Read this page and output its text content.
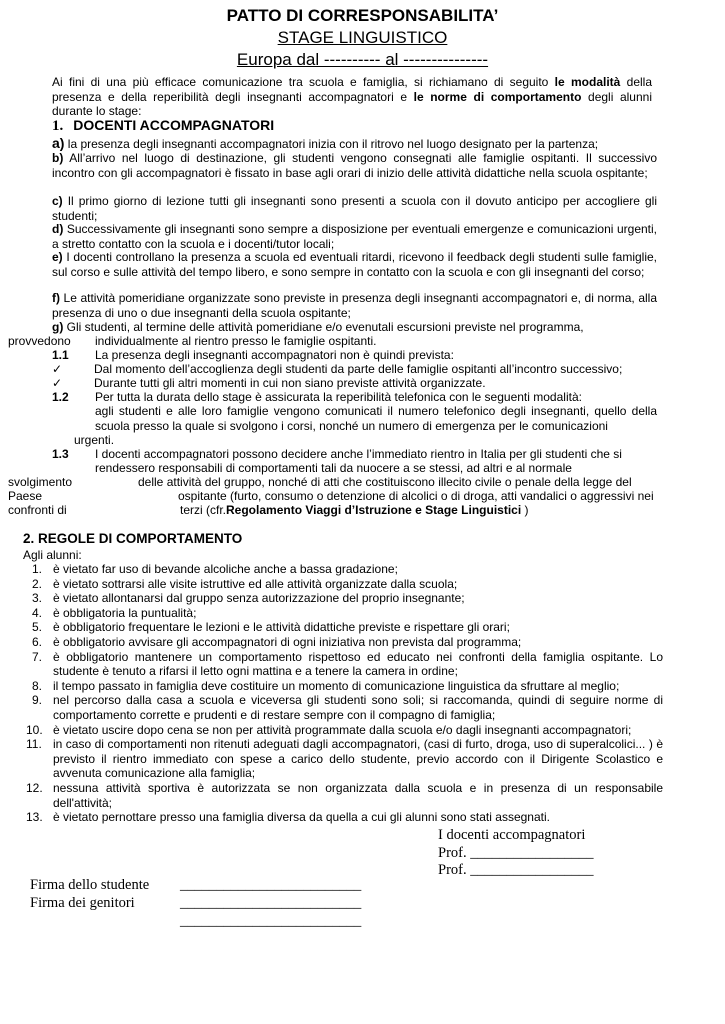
PATTO DI CORRESPONSABILITA’
STAGE LINGUISTICO
Europa dal ---------- al ---------------

Ai fini di una più efficace comunicazione tra scuola e famiglia, si richiamano di seguito le modalità della presenza e della reperibilità degli insegnanti accompagnatori e le norme di comportamento degli alunni durante lo stage:

1. DOCENTI ACCOMPAGNATORI

a) la presenza degli insegnanti accompagnatori inizia con il ritrovo nel luogo designato per la partenza;

b) All’arrivo nel luogo di destinazione, gli studenti vengono consegnati alle famiglie ospitanti. Il successivo incontro con gli accompagnatori è fissato in base agli orari di inizio delle attività didattiche nella scuola ospitante;

c) Il primo giorno di lezione tutti gli insegnanti sono presenti a scuola con il dovuto anticipo per accogliere gli studenti;

d) Successivamente gli insegnanti sono sempre a disposizione per eventuali emergenze e comunicazioni urgenti, a stretto contatto con la scuola e i docenti/tutor locali;

e) I docenti controllano la presenza a scuola ed eventuali ritardi, ricevono il feedback degli studenti sulle famiglie, sul corso e sulle attività del tempo libero, e sono sempre in contatto con la scuola e con gli insegnanti del corso;

f) Le attività pomeridiane organizzate sono previste in presenza degli insegnanti accompagnatori e, di norma, alla presenza di uno o due insegnanti della scuola ospitante;

g) Gli studenti, al termine delle attività pomeridiane e/o evenutali escursioni previste nel programma,

provvedono individualmente al rientro presso le famiglie ospitanti.
1.1 La presenza degli insegnanti accompagnatori non è quindi prevista:
✓	Dal momento dell’accoglienza degli studenti da parte delle famiglie ospitanti all’incontro successivo;
✓	Durante tutti gli altri momenti in cui non siano previste attività organizzate.
1.2 Per tutta la durata dello stage è assicurata la reperibilità telefonica con le seguenti modalità:

agli studenti e alle loro famiglie vengono comunicati il numero telefonico degli insegnanti, quello della scuola presso la quale si svolgono i corsi, nonché un numero di emergenza per le comunicazioni

urgenti.
1.3 I docenti accompagnatori possono decidere anche l’immediato rientro in Italia per gli studenti che si

rendessero responsabili di comportamenti tali da nuocere a se stessi, ad altri e al normale

svolgimento	delle attività del gruppo, nonché di atti che costituiscono illecito civile o penale della legge del

Paese	ospitante (furto, consumo o detenzione di alcolici o di droga, atti vandalici o aggressivi nei

confronti di	terzi (cfr.Regolamento Viaggi d’Istruzione e Stage Linguistici )
2. REGOLE DI COMPORTAMENTO
Agli alunni:
1. è vietato far uso di bevande alcoliche anche a bassa gradazione;
2. è vietato sottrarsi alle visite istruttive ed alle attività organizzate dalla scuola;
3. è vietato allontanarsi dal gruppo senza autorizzazione del proprio insegnante;
4. è obbligatoria la puntualità;
5. è obbligatorio frequentare le lezioni e le attività didattiche previste e rispettare gli orari;
6. è obbligatorio avvisare gli accompagnatori di ogni iniziativa non prevista dal programma;
7. è obbligatorio mantenere un comportamento rispettoso ed educato nei confronti della famiglia ospitante. Lo studente è tenuto a rifarsi il letto ogni mattina e a tenere la camera in ordine;
8. il tempo passato in famiglia deve costituire un momento di comunicazione linguistica da sfruttare al meglio;
9. nel percorso dalla casa a scuola e viceversa gli studenti sono soli; si raccomanda, quindi di seguire norme di comportamento corrette e prudenti e di restare sempre con il compagno di famiglia;
10. è vietato uscire dopo cena se non per attività programmate dalla scuola e/o dagli insegnanti accompagnatori;
11. in caso di comportamenti non ritenuti adeguati dagli accompagnatori, (casi di furto, droga, uso di superalcolici... ) è previsto il rientro immediato con spese a carico dello studente, previo accordo con il Dirigente Scolastico e avvenuta comunicazione alla famiglia;
12. nessuna attività sportiva è autorizzata se non organizzata dalla scuola e in presenza di un responsabile dell'attività;
13. è vietato pernottare presso una famiglia diversa da quella a cui gli alunni sono stati assegnati.
I docenti accompagnatori
Prof. _________________
Prof. _________________
Firma dello studente _________________________
Firma dei genitori	_________________________
_________________________
